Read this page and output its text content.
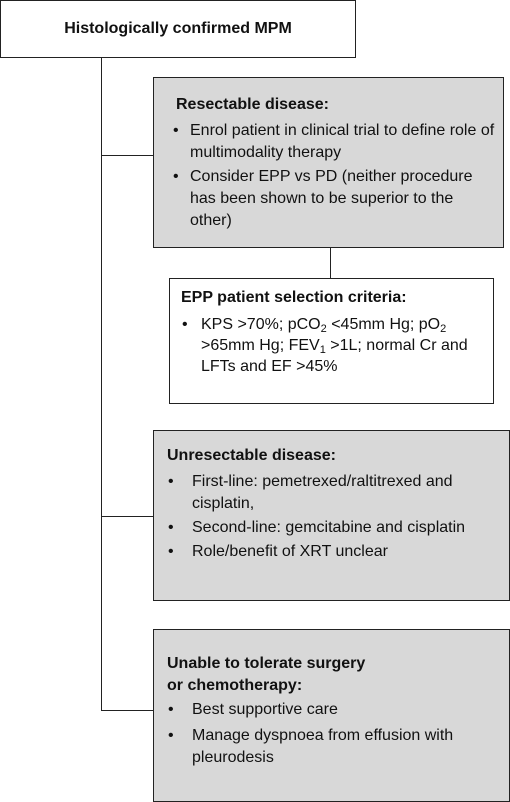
Histologically confirmed MPM
Resectable disease:
• Enrol patient in clinical trial to define role of multimodality therapy
• Consider EPP vs PD (neither procedure has been shown to be superior to the other)
EPP patient selection criteria:
• KPS >70%; pCO$_2$ <45mm Hg; $pO_2 >65mm$ Hg; $FEV_1 >1L$; normal Cr and LFTs and EF >45%
Unresectable disease:
• First-line: pemetrexed/raltitrexed and cisplatin,
• Second-line: gemcitabine and cisplatin
• Role/benefit of XRT unclear
Unable to tolerate surgery or chemotherapy:
• Best supportive care
• Manage dyspnoea from effusion with pleurodesis
